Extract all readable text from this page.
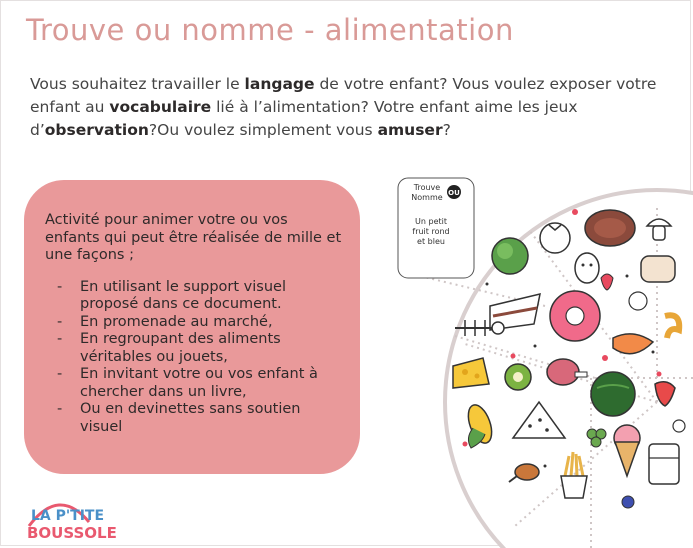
Trouve ou nomme - alimentation
Vous souhaitez travailler le langage de votre enfant? Vous voulez exposer votre enfant au vocabulaire lié à l’alimentation? Votre enfant aime les jeux d’observation?Ou voulez simplement vous amuser?
Activité pour animer votre ou vos enfants qui peut être réalisée de mille et une façons ;
- En utilisant le support visuel proposé dans ce document.
- En promenade au marché,
- En regroupant des aliments véritables ou jouets,
- En invitant votre ou vos enfant à chercher dans un livre,
- Ou en devinettes sans soutien visuel
Trouve
Nomme OU
Un petit
fruit rond
et bleu
LA P'TITE
BOUSSOLE
